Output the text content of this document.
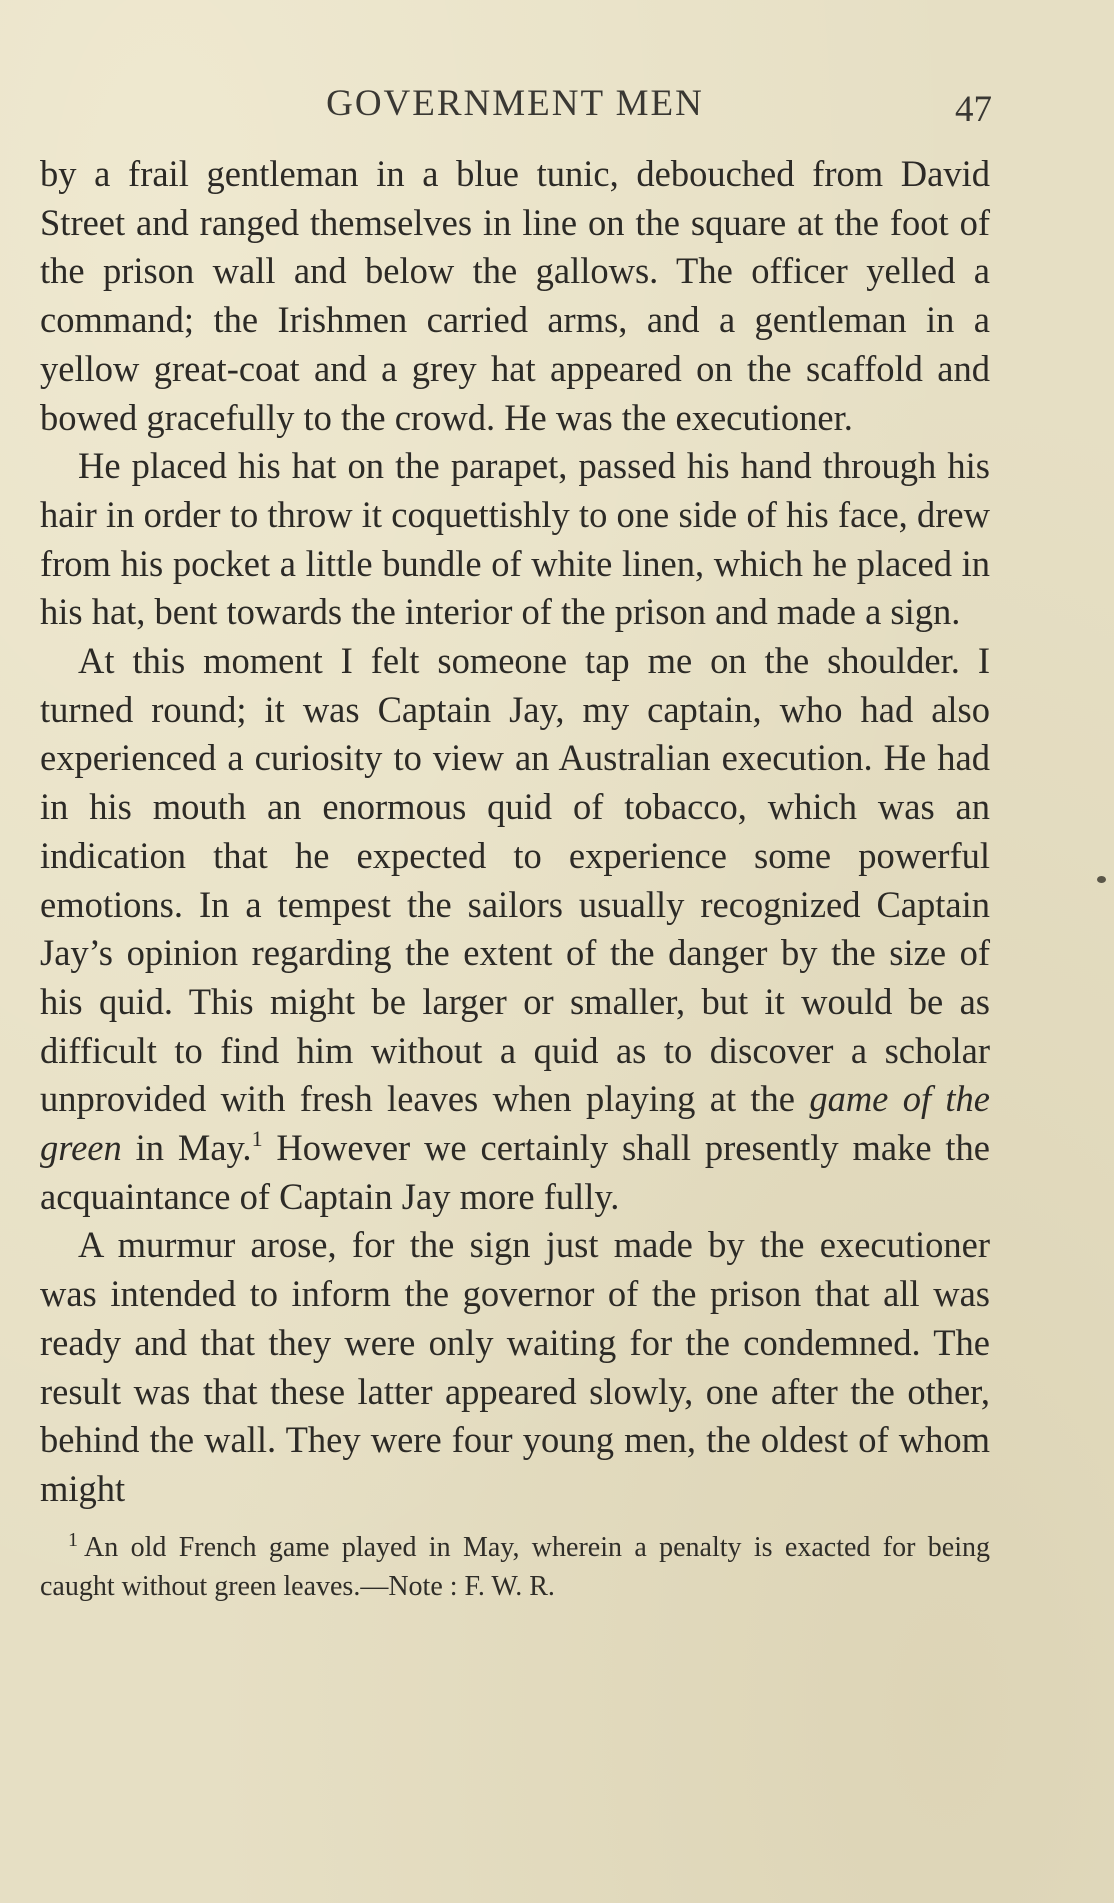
GOVERNMENT MEN	47

by a frail gentleman in a blue tunic, debouched from David Street and ranged themselves in line on the square at the foot of the prison wall and below the gallows. The officer yelled a command; the Irishmen carried arms, and a gentleman in a yellow great-coat and a grey hat appeared on the scaffold and bowed gracefully to the crowd. He was the executioner.

He placed his hat on the parapet, passed his hand through his hair in order to throw it coquettishly to one side of his face, drew from his pocket a little bundle of white linen, which he placed in his hat, bent towards the interior of the prison and made a sign.

At this moment I felt someone tap me on the shoulder. I turned round; it was Captain Jay, my captain, who had also experienced a curiosity to view an Australian execution. He had in his mouth an enormous quid of tobacco, which was an indication that he expected to experience some powerful emotions. In a tempest the sailors usually recognized Captain Jay’s opinion regarding the extent of the danger by the size of his quid. This might be larger or smaller, but it would be as difficult to find him without a quid as to discover a scholar unprovided with fresh leaves when playing at the game of the green in May.$^1$ However we certainly shall presently make the acquaintance of Captain Jay more fully.

A murmur arose, for the sign just made by the executioner was intended to inform the governor of the prison that all was ready and that they were only waiting for the condemned. The result was that these latter appeared slowly, one after the other, behind the wall. They were four young men, the oldest of whom might

$^1$ An old French game played in May, wherein a penalty is exacted for being caught without green leaves.—Note : F. W. R.
